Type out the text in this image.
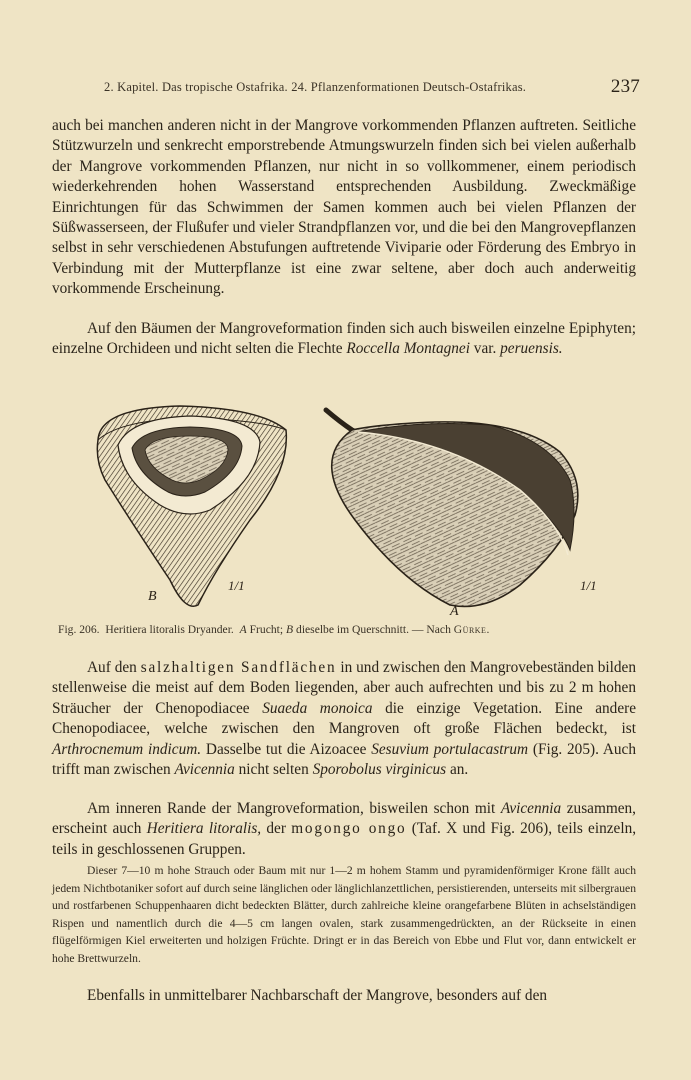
2. Kapitel. Das tropische Ostafrika. 24. Pflanzenformationen Deutsch-Ostafrikas.	237

auch bei manchen anderen nicht in der Mangrove vorkommenden Pflanzen auftreten. Seitliche Stützwurzeln und senkrecht emporstrebende Atmungswurzeln finden sich bei vielen außerhalb der Mangrove vorkommenden Pflanzen, nur nicht in so vollkommener, einem periodisch wiederkehrenden hohen Wasserstand entsprechenden Ausbildung. Zweckmäßige Einrichtungen für das Schwimmen der Samen kommen auch bei vielen Pflanzen der Süßwasserseen, der Flußufer und vieler Strandpflanzen vor, und die bei den Mangrovepflanzen selbst in sehr verschiedenen Abstufungen auftretende Viviparie oder Förderung des Embryo in Verbindung mit der Mutterpflanze ist eine zwar seltene, aber doch auch anderweitig vorkommende Erscheinung.

Auf den Bäumen der Mangroveformation finden sich auch bisweilen einzelne Epiphyten; einzelne Orchideen und nicht selten die Flechte Roccella Montagnei var. peruensis.

B
1/1
A
1/1
Fig. 206. Heritiera litoralis Dryander. A Frucht; B dieselbe im Querschnitt. — Nach Gürke.

Auf den salzhaltigen Sandflächen in und zwischen den Mangrovebeständen bilden stellenweise die meist auf dem Boden liegenden, aber auch aufrechten und bis zu 2 m hohen Sträucher der Chenopodiacee Suaeda monoica die einzige Vegetation. Eine andere Chenopodiacee, welche zwischen den Mangroven oft große Flächen bedeckt, ist Arthrocnemum indicum. Dasselbe tut die Aizoacee Sesuvium portulacastrum (Fig. 205). Auch trifft man zwischen Avicennia nicht selten Sporobolus virginicus an.

Am inneren Rande der Mangroveformation, bisweilen schon mit Avicennia zusammen, erscheint auch Heritiera litoralis, der mogongo ongo (Taf. X und Fig. 206), teils einzeln, teils in geschlossenen Gruppen.

Dieser 7—10 m hohe Strauch oder Baum mit nur 1—2 m hohem Stamm und pyramidenförmiger Krone fällt auch jedem Nichtbotaniker sofort auf durch seine länglichen oder länglichlanzettlichen, persistierenden, unterseits mit silbergrauen und rostfarbenen Schuppenhaaren dicht bedeckten Blätter, durch zahlreiche kleine orangefarbene Blüten in achselständigen Rispen und namentlich durch die 4—5 cm langen ovalen, stark zusammengedrückten, an der Rückseite in einen flügelförmigen Kiel erweiterten und holzigen Früchte. Dringt er in das Bereich von Ebbe und Flut vor, dann entwickelt er hohe Brettwurzeln.

Ebenfalls in unmittelbarer Nachbarschaft der Mangrove, besonders auf den
